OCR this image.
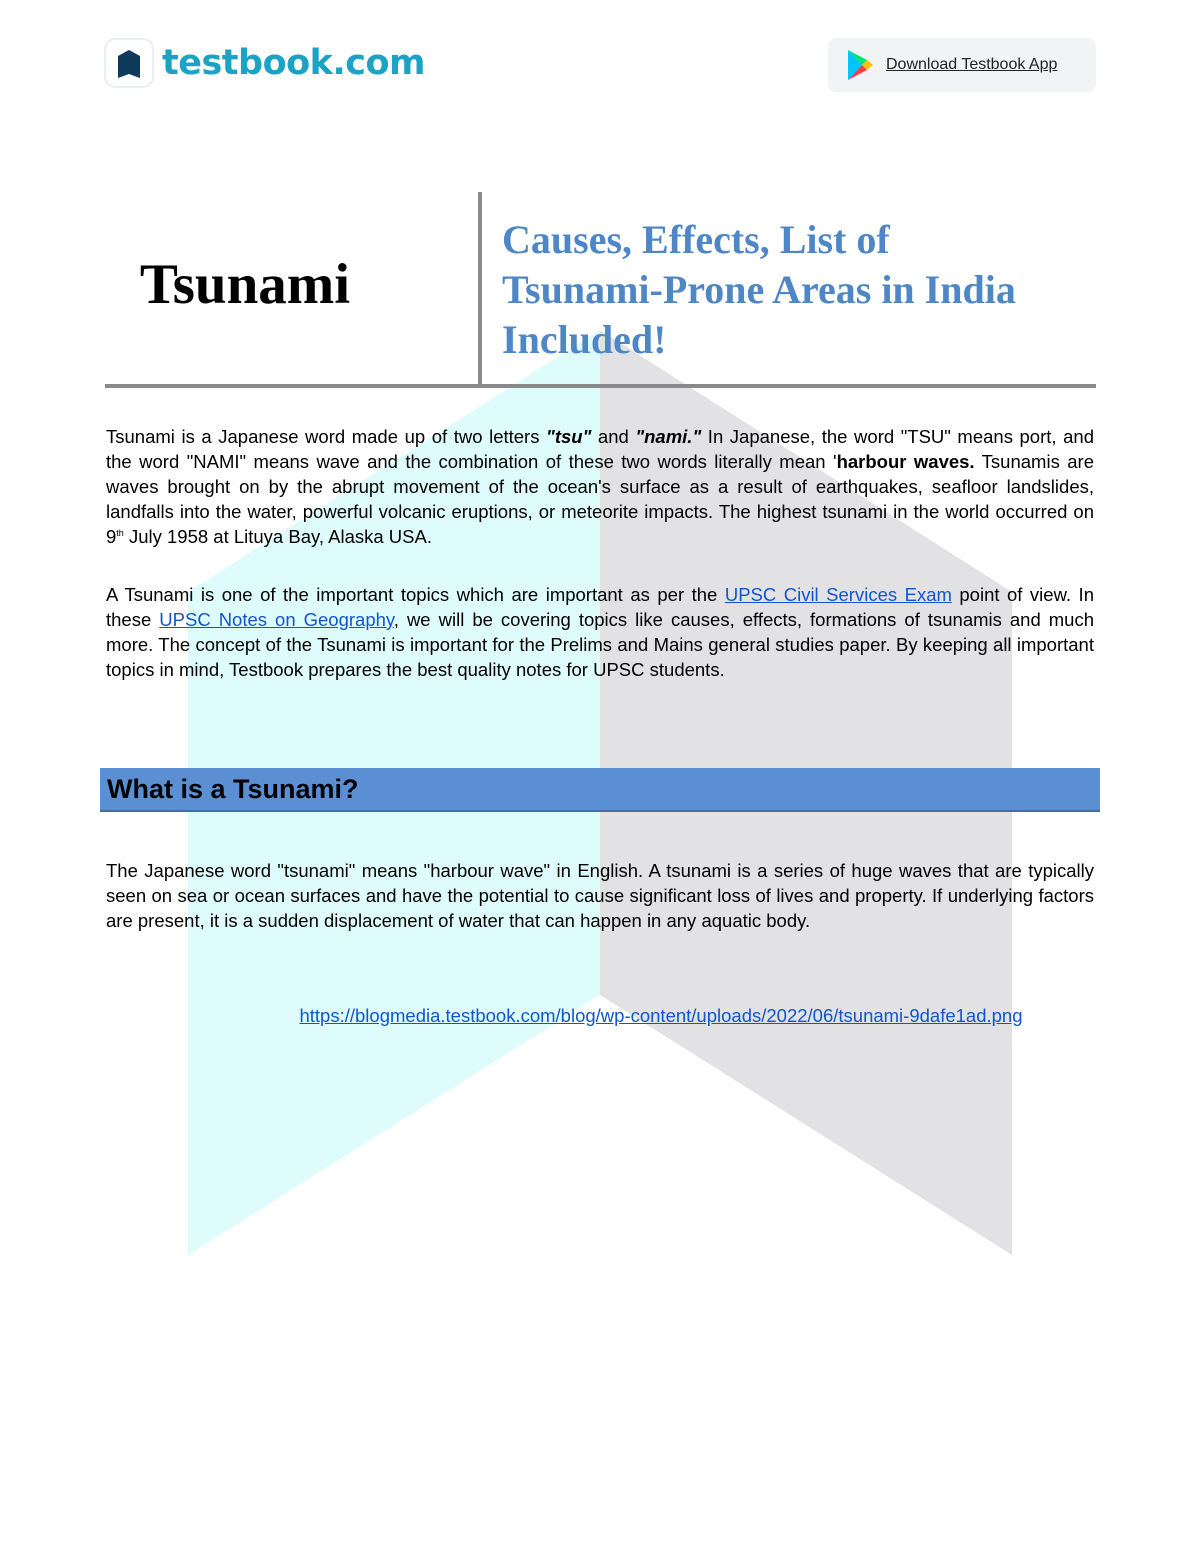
testbook.com	Download Testbook App
Tsunami
Causes, Effects, List of
Tsunami-Prone Areas in India
Included!

Tsunami is a Japanese word made up of two letters "tsu" and "nami." In Japanese, the word "TSU" means port, and the word "NAMI" means wave and the combination of these two words literally mean 'harbour waves. Tsunamis are waves brought on by the abrupt movement of the ocean's surface as a result of earthquakes, seafloor landslides, landfalls into the water, powerful volcanic eruptions, or meteorite impacts. The highest tsunami in the world occurred on 9th July 1958 at Lituya Bay, Alaska USA.

A Tsunami is one of the important topics which are important as per the UPSC Civil Services Exam point of view. In these UPSC Notes on Geography, we will be covering topics like causes, effects, formations of tsunamis and much more. The concept of the Tsunami is important for the Prelims and Mains general studies paper. By keeping all important topics in mind, Testbook prepares the best quality notes for UPSC students.

What is a Tsunami?

The Japanese word "tsunami" means "harbour wave" in English. A tsunami is a series of huge waves that are typically seen on sea or ocean surfaces and have the potential to cause significant loss of lives and property. If underlying factors are present, it is a sudden displacement of water that can happen in any aquatic body.

https://blogmedia.testbook.com/blog/wp-content/uploads/2022/06/tsunami-9dafe1ad.png
